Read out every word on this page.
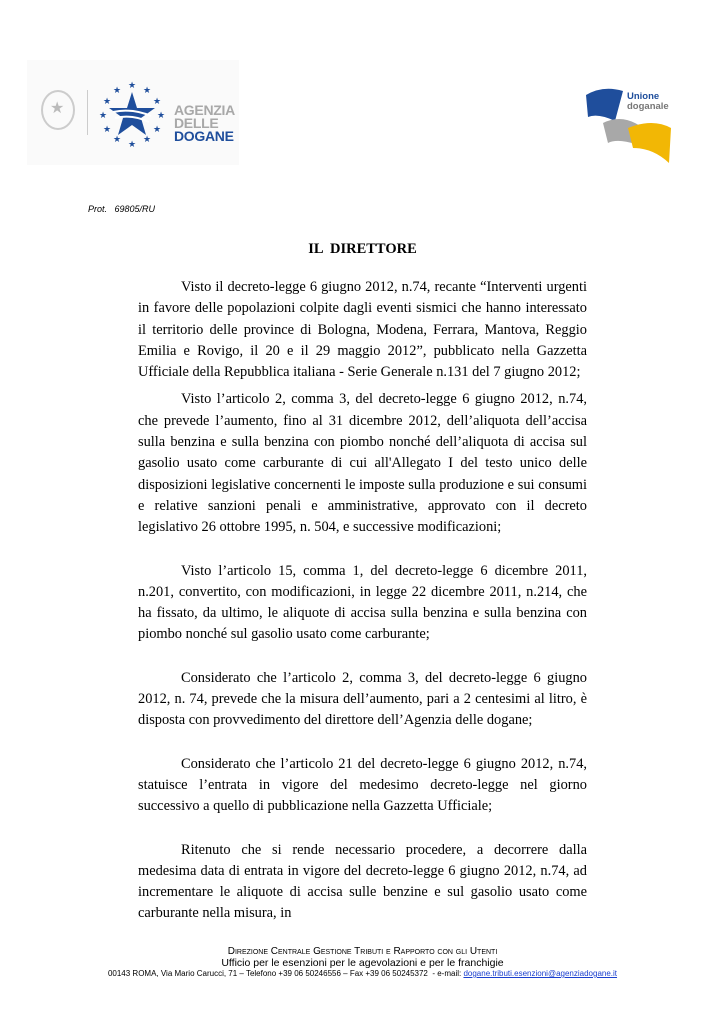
★
★ ★
★
★
★
★
★
★
★
★
★
★
AGENZIA
DELLE
DOGANE
Unione
doganale
Prot. 69805/RU
IL  DIRETTORE

Visto il decreto-legge 6 giugno 2012, n.74, recante “Interventi urgenti in favore delle popolazioni colpite dagli eventi sismici che hanno interessato il territorio delle province di Bologna, Modena, Ferrara, Mantova, Reggio Emilia e Rovigo, il 20 e il 29 maggio 2012”, pubblicato nella Gazzetta Ufficiale della Repubblica italiana - Serie Generale n.131 del 7 giugno 2012;

Visto l’articolo 2, comma 3, del decreto-legge 6 giugno 2012, n.74, che prevede l’aumento, fino al 31 dicembre 2012, dell’aliquota dell’accisa sulla benzina e sulla benzina con piombo nonché dell’aliquota di accisa sul gasolio usato come carburante di cui all'Allegato I del testo unico delle disposizioni legislative concernenti le imposte sulla produzione e sui consumi e relative sanzioni penali e amministrative, approvato con il decreto legislativo 26 ottobre 1995, n. 504, e successive modificazioni;

Visto l’articolo 15, comma 1, del decreto-legge 6 dicembre 2011, n.201, convertito, con modificazioni, in legge 22 dicembre 2011, n.214, che ha fissato, da ultimo, le aliquote di accisa sulla benzina e sulla benzina con piombo nonché sul gasolio usato come carburante;

Considerato che l’articolo 2, comma 3, del decreto-legge 6 giugno 2012, n. 74, prevede che la misura dell’aumento, pari a 2 centesimi al litro, è disposta con provvedimento del direttore dell’Agenzia delle dogane;

Considerato che l’articolo 21 del decreto-legge 6 giugno 2012, n.74, statuisce l’entrata in vigore del medesimo decreto-legge nel giorno successivo a quello di pubblicazione nella Gazzetta Ufficiale;

Ritenuto che si rende necessario procedere, a decorrere dalla medesima data di entrata in vigore del decreto-legge 6 giugno 2012, n.74, ad incrementare le aliquote di accisa sulle benzine e sul gasolio usato come carburante nella misura, in

Direzione Centrale Gestione Tributi e Rapporto con gli Utenti
Ufficio per le esenzioni per le agevolazioni e per le franchigie
00143 ROMA, Via Mario Carucci, 71 – Telefono +39 06 50246556 – Fax +39 06 50245372  - e-mail: dogane.tributi.esenzioni@agenziadogane.it
